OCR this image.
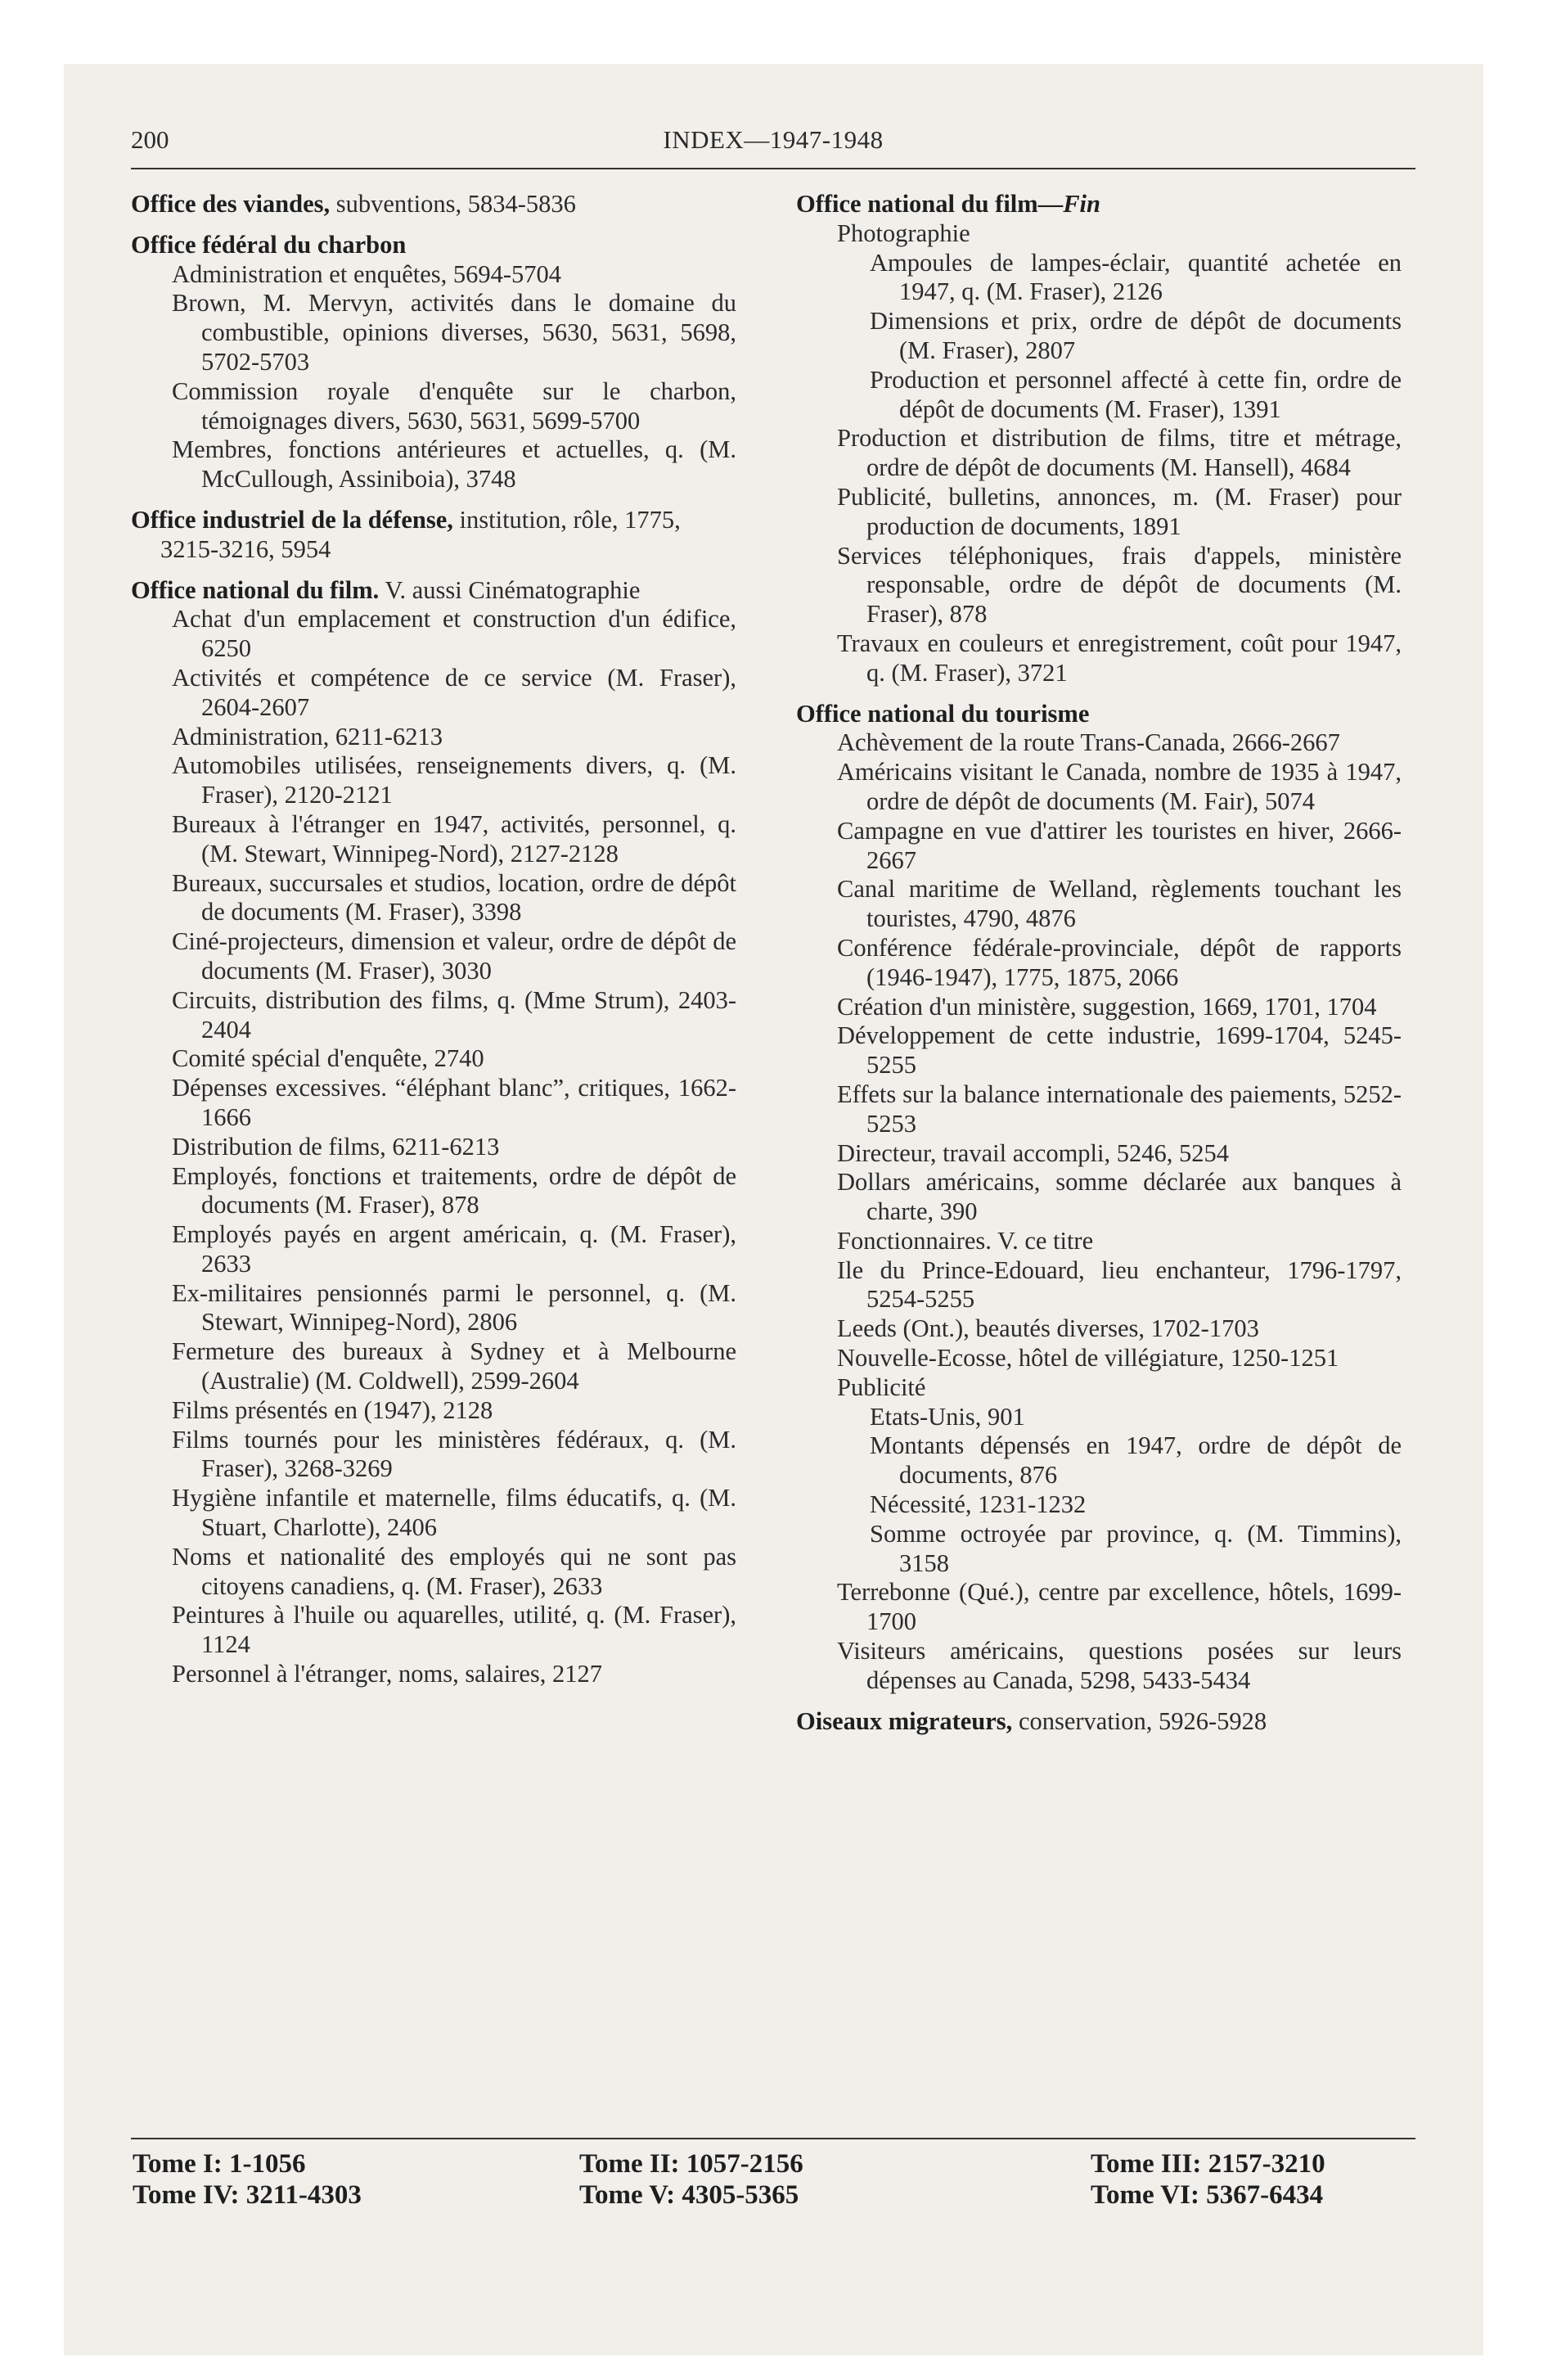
200	INDEX—1947-1948
Office des viandes, subventions, 5834-5836
Office fédéral du charbon
Administration et enquêtes, 5694-5704
Brown, M. Mervyn, activités dans le domaine du combustible, opinions diverses, 5630, 5631, 5698, 5702-5703
Commission royale d'enquête sur le charbon, témoignages divers, 5630, 5631, 5699-5700
Membres, fonctions antérieures et actuelles, q. (M. McCullough, Assiniboia), 3748
Office industriel de la défense, institution, rôle, 1775, 3215-3216, 5954
Office national du film. V. aussi Cinématographie
Achat d'un emplacement et construction d'un édifice, 6250
Activités et compétence de ce service (M. Fraser), 2604-2607
Administration, 6211-6213
Automobiles utilisées, renseignements divers, q. (M. Fraser), 2120-2121
Bureaux à l'étranger en 1947, activités, personnel, q. (M. Stewart, Winnipeg-Nord), 2127-2128
Bureaux, succursales et studios, location, ordre de dépôt de documents (M. Fraser), 3398
Ciné-projecteurs, dimension et valeur, ordre de dépôt de documents (M. Fraser), 3030
Circuits, distribution des films, q. (Mme Strum), 2403-2404
Comité spécial d'enquête, 2740
Dépenses excessives. “éléphant blanc”, critiques, 1662-1666
Distribution de films, 6211-6213
Employés, fonctions et traitements, ordre de dépôt de documents (M. Fraser), 878
Employés payés en argent américain, q. (M. Fraser), 2633
Ex-militaires pensionnés parmi le personnel, q. (M. Stewart, Winnipeg-Nord), 2806
Fermeture des bureaux à Sydney et à Melbourne (Australie) (M. Coldwell), 2599-2604
Films présentés en (1947), 2128
Films tournés pour les ministères fédéraux, q. (M. Fraser), 3268-3269
Hygiène infantile et maternelle, films éducatifs, q. (M. Stuart, Charlotte), 2406
Noms et nationalité des employés qui ne sont pas citoyens canadiens, q. (M. Fraser), 2633
Peintures à l'huile ou aquarelles, utilité, q. (M. Fraser), 1124
Personnel à l'étranger, noms, salaires, 2127
Office national du film—Fin
Photographie
Ampoules de lampes-éclair, quantité achetée en 1947, q. (M. Fraser), 2126
Dimensions et prix, ordre de dépôt de documents (M. Fraser), 2807
Production et personnel affecté à cette fin, ordre de dépôt de documents (M. Fraser), 1391
Production et distribution de films, titre et métrage, ordre de dépôt de documents (M. Hansell), 4684
Publicité, bulletins, annonces, m. (M. Fraser) pour production de documents, 1891
Services téléphoniques, frais d'appels, ministère responsable, ordre de dépôt de documents (M. Fraser), 878
Travaux en couleurs et enregistrement, coût pour 1947, q. (M. Fraser), 3721
Office national du tourisme
Achèvement de la route Trans-Canada, 2666-2667
Américains visitant le Canada, nombre de 1935 à 1947, ordre de dépôt de documents (M. Fair), 5074
Campagne en vue d'attirer les touristes en hiver, 2666-2667
Canal maritime de Welland, règlements touchant les touristes, 4790, 4876
Conférence fédérale-provinciale, dépôt de rapports (1946-1947), 1775, 1875, 2066
Création d'un ministère, suggestion, 1669, 1701, 1704
Développement de cette industrie, 1699-1704, 5245-5255
Effets sur la balance internationale des paiements, 5252-5253
Directeur, travail accompli, 5246, 5254
Dollars américains, somme déclarée aux banques à charte, 390
Fonctionnaires. V. ce titre
Ile du Prince-Edouard, lieu enchanteur, 1796-1797, 5254-5255
Leeds (Ont.), beautés diverses, 1702-1703
Nouvelle-Ecosse, hôtel de villégiature, 1250-1251
Publicité
Etats-Unis, 901
Montants dépensés en 1947, ordre de dépôt de documents, 876
Nécessité, 1231-1232
Somme octroyée par province, q. (M. Timmins), 3158
Terrebonne (Qué.), centre par excellence, hôtels, 1699-1700
Visiteurs américains, questions posées sur leurs dépenses au Canada, 5298, 5433-5434
Oiseaux migrateurs, conservation, 5926-5928
Tome I: 1-1056
Tome IV: 3211-4303
Tome II: 1057-2156
Tome V: 4305-5365
Tome III: 2157-3210
Tome VI: 5367-6434
